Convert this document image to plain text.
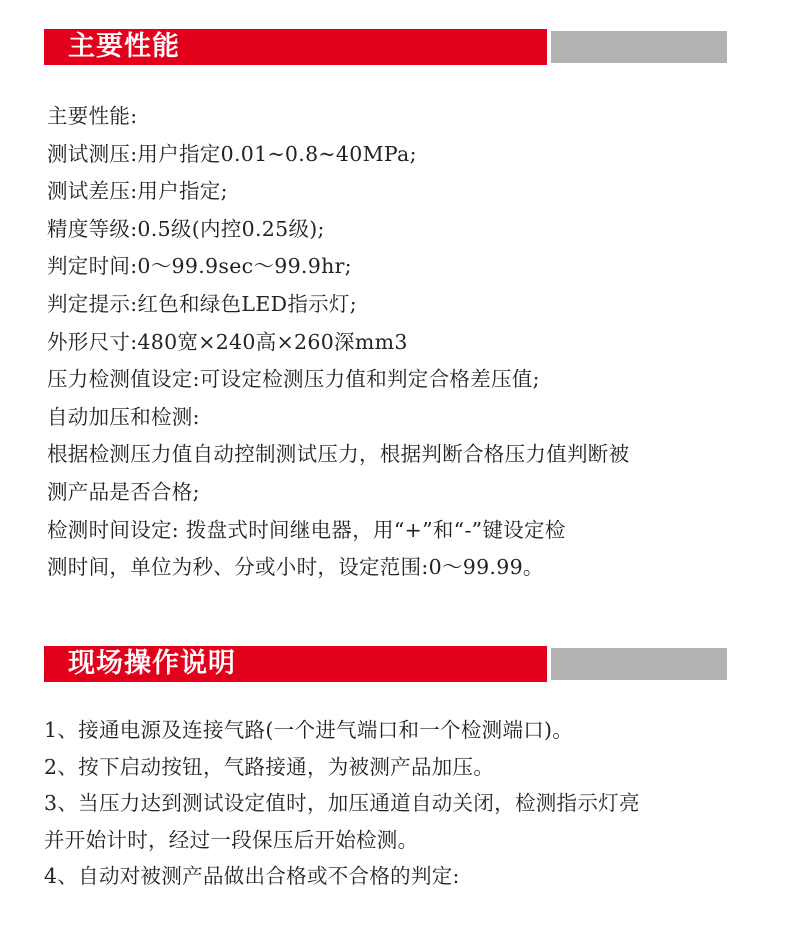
主要性能

主要性能:

测试测压:用户指定0.01~0.8~40MPa;

测试差压:用户指定;

精度等级:0.5级(内控0.25级);

判定时间:0～99.9sec～99.9hr;

判定提示:红色和绿色LED指示灯;

外形尺寸:480宽×240高×260深mm3

压力检测值设定:可设定检测压力值和判定合格差压值;

自动加压和检测:

根据检测压力值自动控制测试压力，根据判断合格压力值判断被

测产品是否合格;

检测时间设定: 拨盘式时间继电器，用“+”和“-”键设定检

测时间，单位为秒、分或小时，设定范围:0～99.99。

现场操作说明

1、接通电源及连接气路(一个进气端口和一个检测端口)。

2、按下启动按钮，气路接通，为被测产品加压。

3、当压力达到测试设定值时，加压通道自动关闭，检测指示灯亮

并开始计时，经过一段保压后开始检测。

4、自动对被测产品做出合格或不合格的判定:
